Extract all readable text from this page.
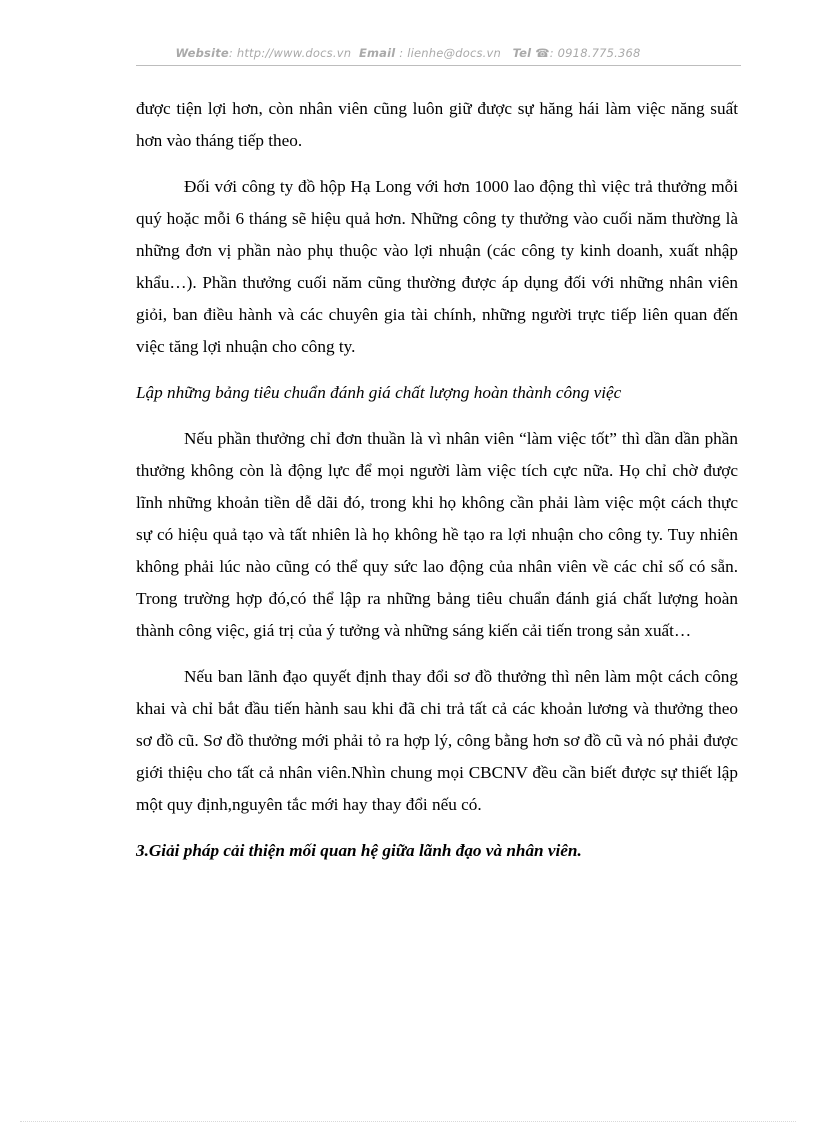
Website: http://www.docs.vn Email : lienhe@docs.vn Tel ☎: 0918.775.368

được tiện lợi hơn, còn nhân viên cũng luôn giữ được sự hăng hái làm việc năng suất hơn vào tháng tiếp theo.

Đối với công ty đồ hộp Hạ Long với hơn 1000 lao động thì việc trả thưởng mỗi quý hoặc mỗi 6 tháng sẽ hiệu quả hơn. Những công ty thưởng vào cuối năm thường là những đơn vị phần nào phụ thuộc vào lợi nhuận (các công ty kinh doanh, xuất nhập khẩu…). Phần thưởng cuối năm cũng thường được áp dụng đối với những nhân viên giỏi, ban điều hành và các chuyên gia tài chính, những người trực tiếp liên quan đến việc tăng lợi nhuận cho công ty.

Lập những bảng tiêu chuẩn đánh giá chất lượng hoàn thành công việc

Nếu phần thưởng chỉ đơn thuần là vì nhân viên “làm việc tốt” thì dần dần phần thưởng không còn là động lực để mọi người làm việc tích cực nữa. Họ chỉ chờ được lĩnh những khoản tiền dễ dãi đó, trong khi họ không cần phải làm việc một cách thực sự có hiệu quả tạo và tất nhiên là họ không hề tạo ra lợi nhuận cho công ty. Tuy nhiên không phải lúc nào cũng có thể quy sức lao động của nhân viên về các chỉ số có sẵn. Trong trường hợp đó,có thể lập ra những bảng tiêu chuẩn đánh giá chất lượng hoàn thành công việc, giá trị của ý tưởng và những sáng kiến cải tiến trong sản xuất…

Nếu ban lãnh đạo quyết định thay đổi sơ đồ thưởng thì nên làm một cách công khai và chỉ bắt đầu tiến hành sau khi đã chi trả tất cả các khoản lương và thưởng theo sơ đồ cũ. Sơ đồ thưởng mới phải tỏ ra hợp lý, công bằng hơn sơ đồ cũ và nó phải được giới thiệu cho tất cả nhân viên.Nhìn chung mọi CBCNV đều cần biết được sự thiết lập một quy định,nguyên tắc mới hay thay đổi nếu có.

3.Giải pháp cải thiện mối quan hệ giữa lãnh đạo và nhân viên.
